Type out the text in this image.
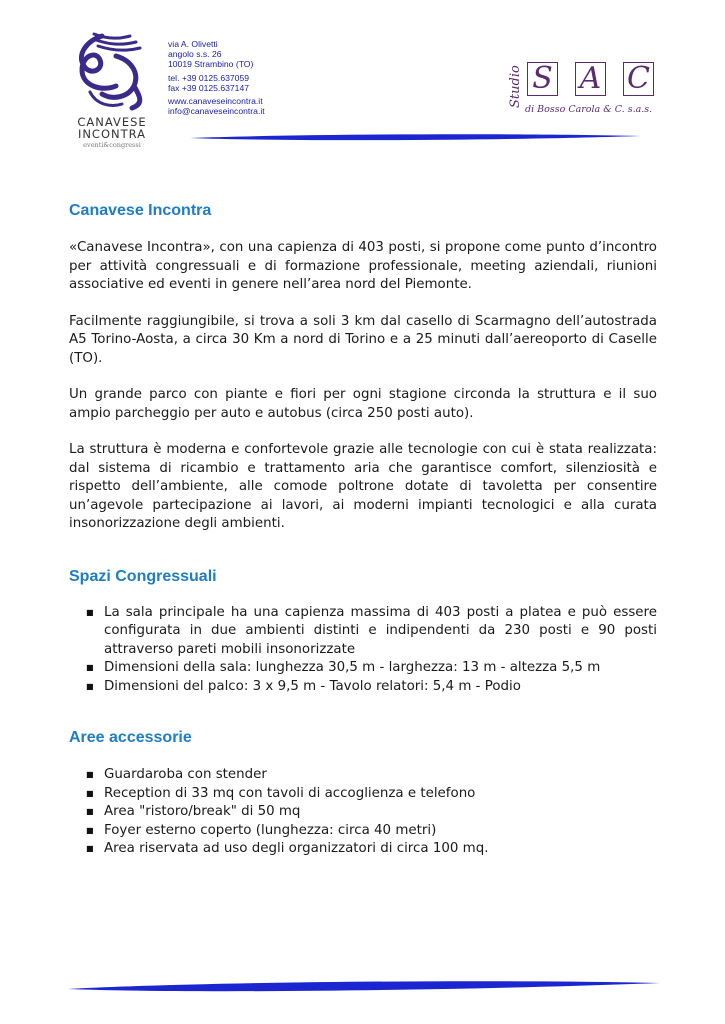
CANAVESE
INCONTRA
eventi&congressi
via A. Olivetti
angolo s.s. 26
10019 Strambino (TO)
tel. +39 0125.637059
fax +39 0125.637147
www.canaveseincontra.it
info@canaveseincontra.it
Studio S A C
di Bosso Carola & C. s.a.s.
Canavese Incontra

«Canavese Incontra», con una capienza di 403 posti, si propone come punto d’incontro per attività congressuali e di formazione professionale, meeting aziendali, riunioni associative ed eventi in genere nell’area nord del Piemonte.

Facilmente raggiungibile, si trova a soli 3 km dal casello di Scarmagno dell’autostrada A5 Torino-Aosta, a circa 30 Km a nord di Torino e a 25 minuti dall’aereoporto di Caselle (TO).

Un grande parco con piante e fiori per ogni stagione circonda la struttura e il suo ampio parcheggio per auto e autobus (circa 250 posti auto).

La struttura è moderna e confortevole grazie alle tecnologie con cui è stata realizzata: dal sistema di ricambio e trattamento aria che garantisce comfort, silenziosità e rispetto dell’ambiente, alle comode poltrone dotate di tavoletta per consentire un’agevole partecipazione ai lavori, ai moderni impianti tecnologici e alla curata insonorizzazione degli ambienti.

Spazi Congressuali
■ La sala principale ha una capienza massima di 403 posti a platea e può essere configurata in due ambienti distinti e indipendenti da 230 posti e 90 posti attraverso pareti mobili insonorizzate
■ Dimensioni della sala: lunghezza 30,5 m - larghezza: 13 m - altezza 5,5 m
■ Dimensioni del palco: 3 x 9,5 m - Tavolo relatori: 5,4 m - Podio
Aree accessorie
■ Guardaroba con stender
■ Reception di 33 mq con tavoli di accoglienza e telefono
■ Area "ristoro/break" di 50 mq
■ Foyer esterno coperto (lunghezza: circa 40 metri)
■ Area riservata ad uso degli organizzatori di circa 100 mq.
